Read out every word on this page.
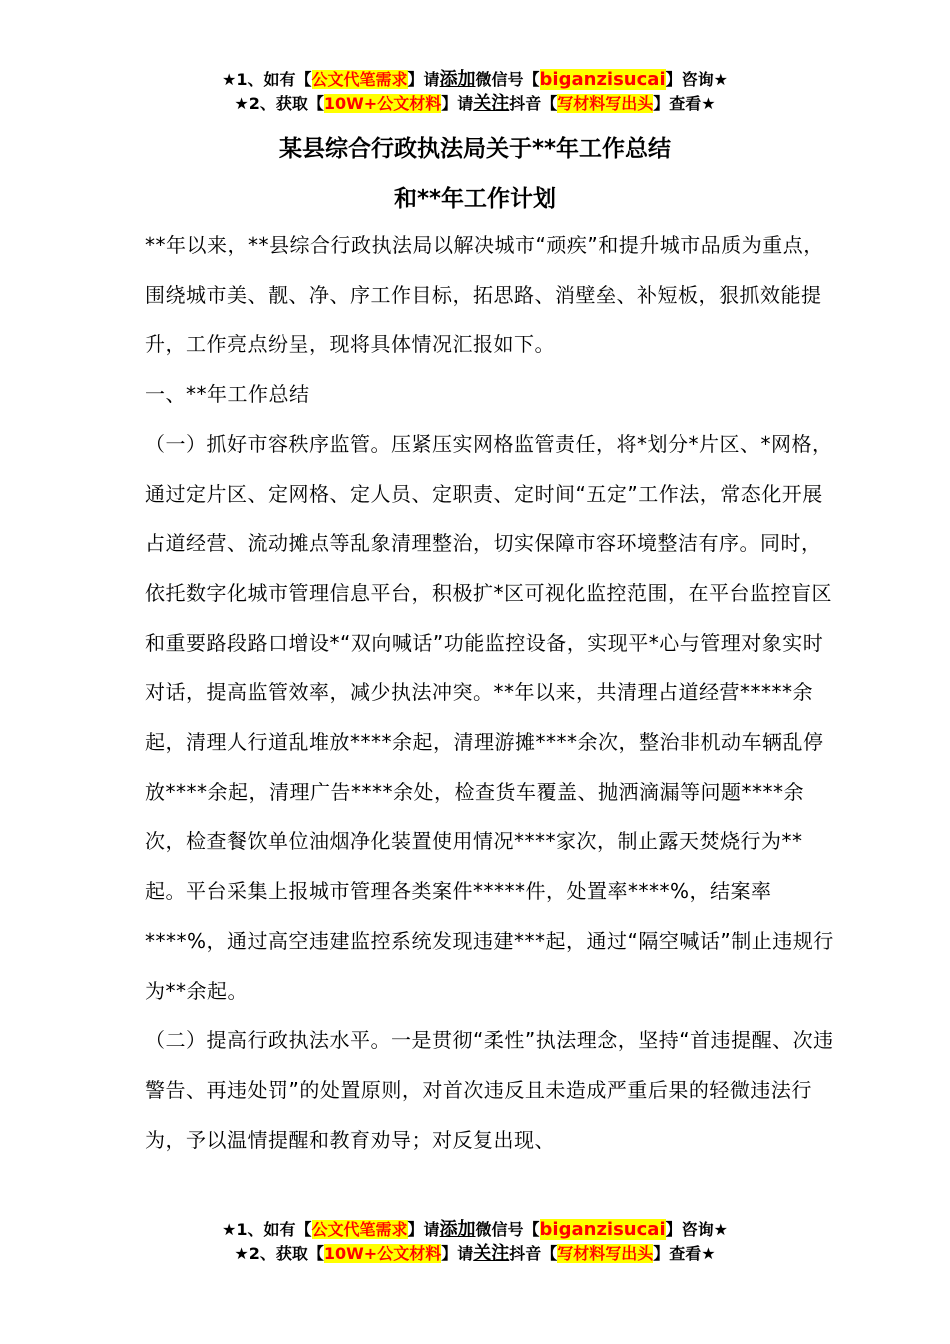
★1、如有【公文代笔需求】请添加微信号【biganzisucai】咨询★
★2、获取【10W+公文材料】请关注抖音【写材料写出头】查看★
某县综合行政执法局关于**年工作总结
和**年工作计划

**年以来，**县综合行政执法局以解决城市“顽疾”和提升城市品质为重点，围绕城市美、靓、净、序工作目标，拓思路、消壁垒、补短板，狠抓效能提升，工作亮点纷呈，现将具体情况汇报如下。

一、**年工作总结

（一）抓好市容秩序监管。压紧压实网格监管责任，将*划分*片区、*网格，通过定片区、定网格、定人员、定职责、定时间“五定”工作法，常态化开展占道经营、流动摊点等乱象清理整治，切实保障市容环境整洁有序。同时，依托数字化城市管理信息平台，积极扩*区可视化监控范围，在平台监控盲区和重要路段路口增设*“双向喊话”功能监控设备，实现平*心与管理对象实时对话，提高监管效率，减少执法冲突。**年以来，共清理占道经营*****余起，清理人行道乱堆放****余起，清理游摊****余次，整治非机动车辆乱停放****余起，清理广告****余处，检查货车覆盖、抛洒滴漏等问题****余次，检查餐饮单位油烟净化装置使用情况****家次，制止露天焚烧行为**起。平台采集上报城市管理各类案件*****件，处置率****%，结案率****%，通过高空违建监控系统发现违建***起，通过“隔空喊话”制止违规行为**余起。

（二）提高行政执法水平。一是贯彻“柔性”执法理念，坚持“首违提醒、次违警告、再违处罚”的处置原则，对首次违反且未造成严重后果的轻微违法行为，予以温情提醒和教育劝导；对反复出现、

★1、如有【公文代笔需求】请添加微信号【biganzisucai】咨询★
★2、获取【10W+公文材料】请关注抖音【写材料写出头】查看★
